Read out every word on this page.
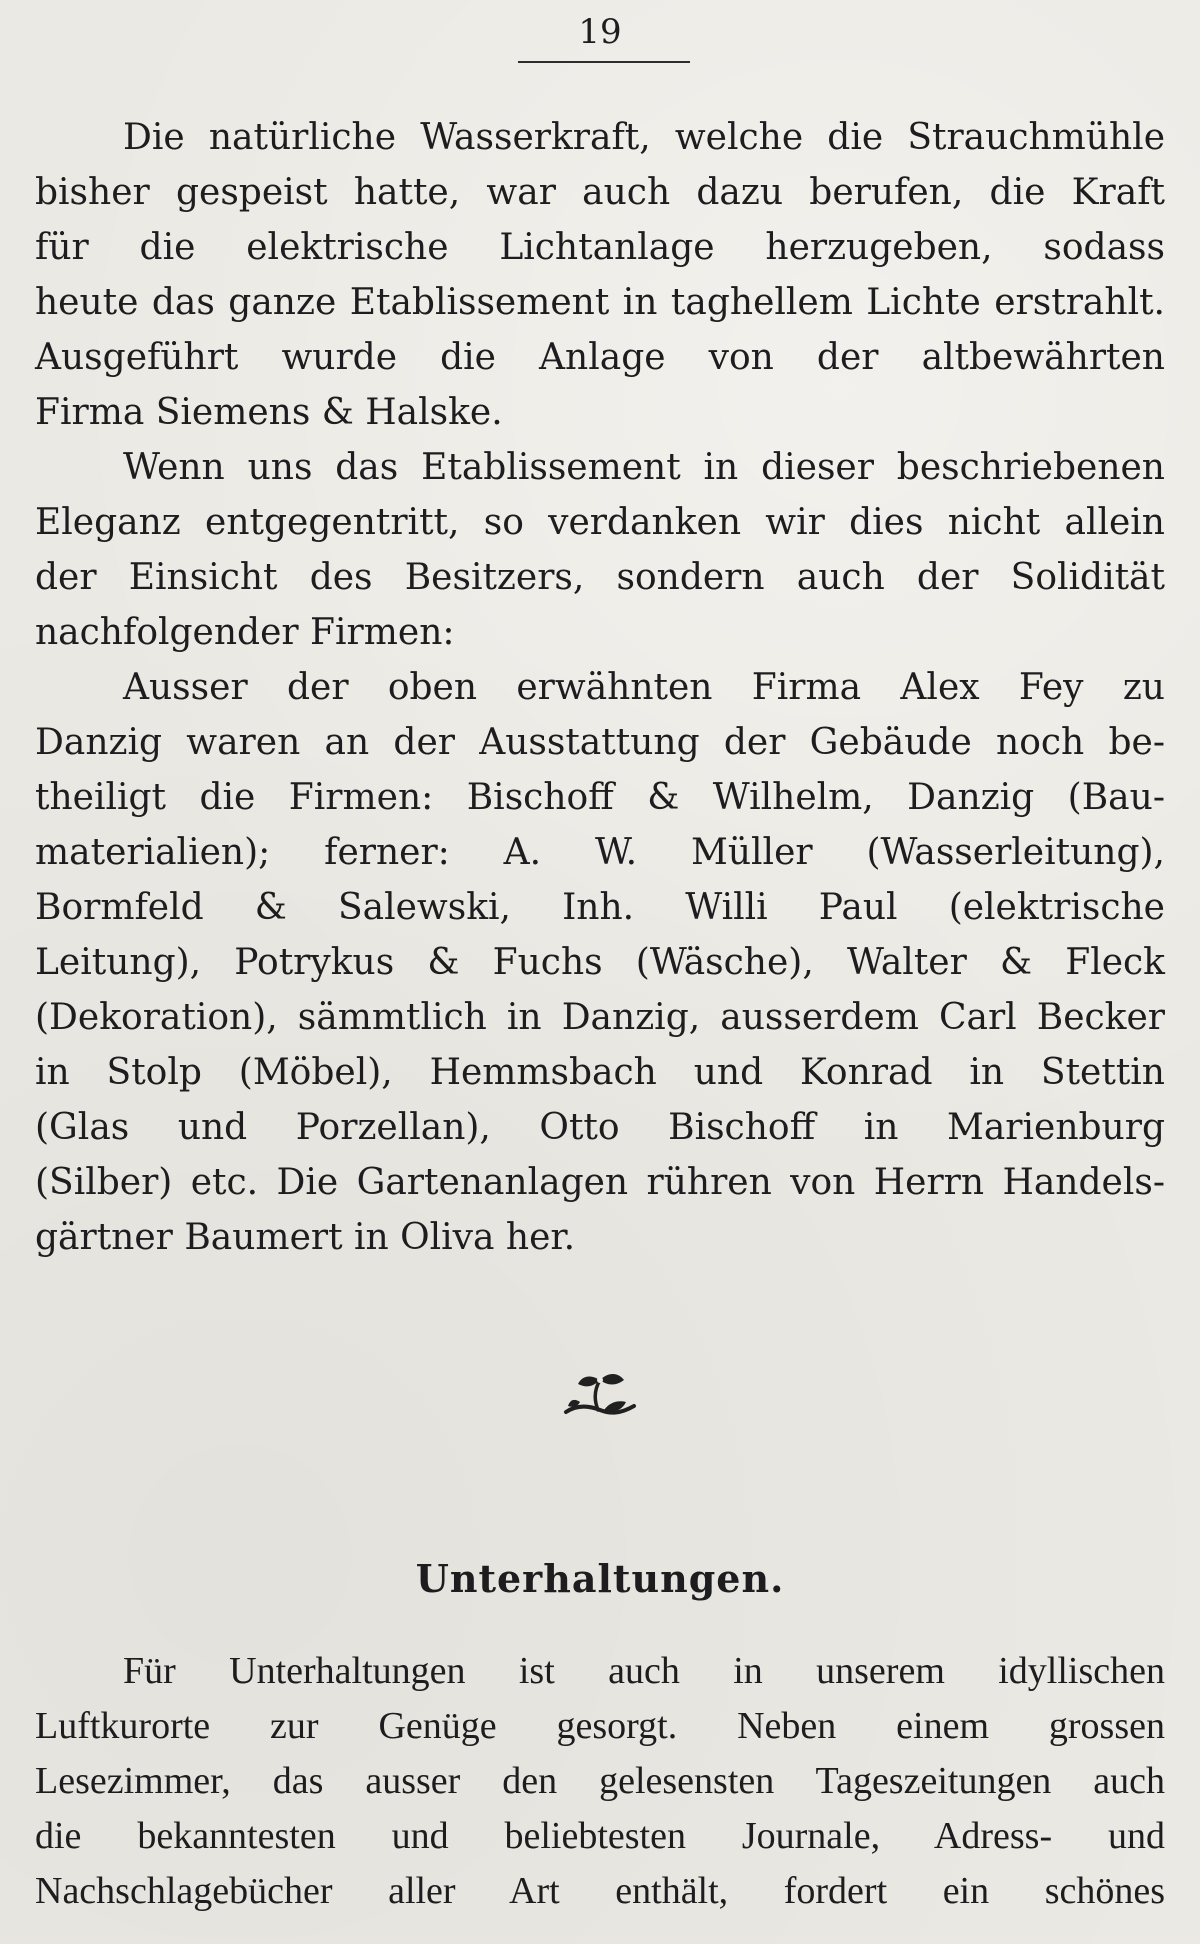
19

Die natürliche Wasserkraft, welche die Strauchmühle

bisher gespeist hatte, war auch dazu berufen, die Kraft

für die elektrische Lichtanlage herzugeben, sodass

heute das ganze Etablissement in taghellem Lichte erstrahlt.

Ausgeführt wurde die Anlage von der altbewährten

Firma Siemens & Halske.

Wenn uns das Etablissement in dieser beschriebenen

Eleganz entgegentritt, so verdanken wir dies nicht allein

der Einsicht des Besitzers, sondern auch der Solidität

nachfolgender Firmen:

Ausser der oben erwähnten Firma Alex Fey zu

Danzig waren an der Ausstattung der Gebäude noch be-

theiligt die Firmen: Bischoff & Wilhelm, Danzig (Bau-

materialien); ferner: A. W. Müller (Wasserleitung),

Bormfeld & Salewski, Inh. Willi Paul (elektrische

Leitung), Potrykus & Fuchs (Wäsche), Walter & Fleck

(Dekoration), sämmtlich in Danzig, ausserdem Carl Becker

in Stolp (Möbel), Hemmsbach und Konrad in Stettin

(Glas und Porzellan), Otto Bischoff in Marienburg

(Silber) etc. Die Gartenanlagen rühren von Herrn Handels-

gärtner Baumert in Oliva her.

Unterhaltungen.

Für Unterhaltungen ist auch in unserem idyllischen

Luftkurorte zur Genüge gesorgt. Neben einem grossen

Lesezimmer, das ausser den gelesensten Tageszeitungen auch

die bekanntesten und beliebtesten Journale, Adress- und

Nachschlagebücher aller Art enthält, fordert ein schönes
